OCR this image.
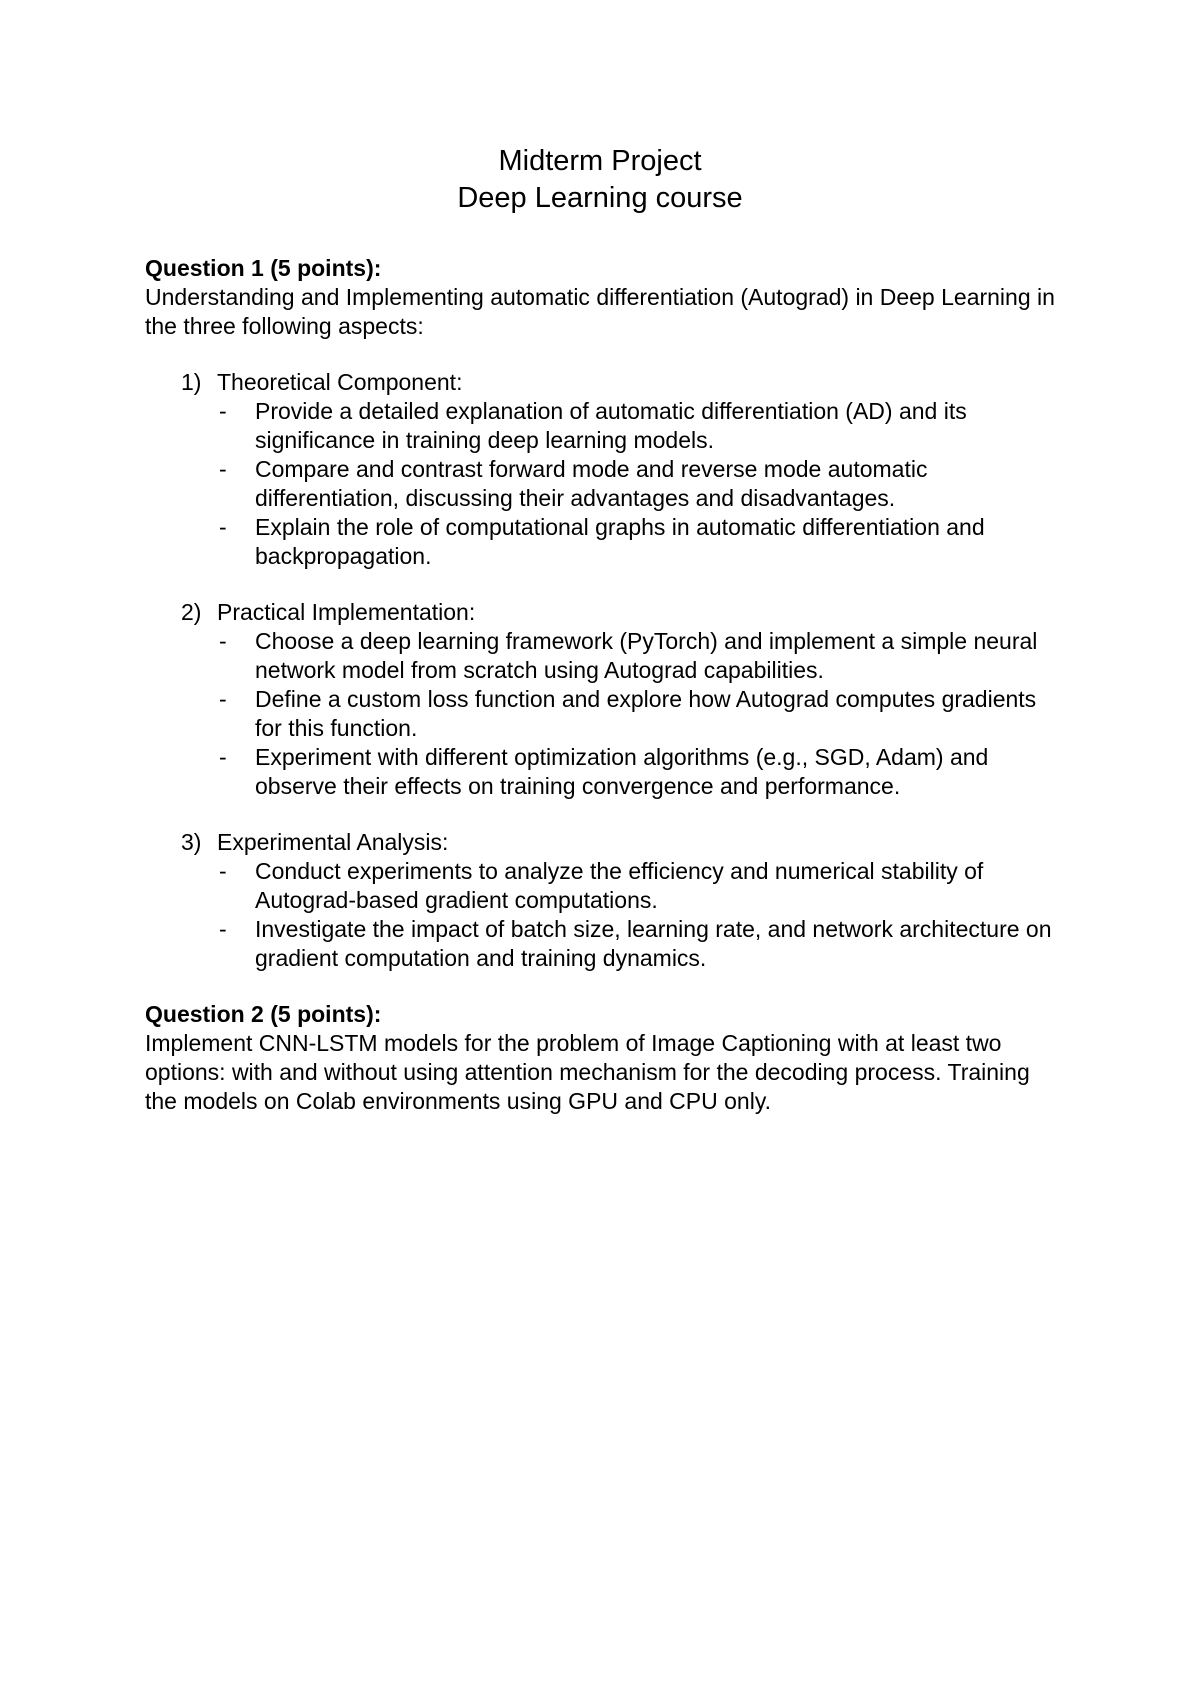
Midterm Project
Deep Learning course

Question 1 (5 points):

Understanding and Implementing automatic differentiation (Autograd) in Deep Learning in the three following aspects:

1) Theoretical Component:
- Provide a detailed explanation of automatic differentiation (AD) and its significance in training deep learning models.
- Compare and contrast forward mode and reverse mode automatic differentiation, discussing their advantages and disadvantages.
- Explain the role of computational graphs in automatic differentiation and backpropagation.
2) Practical Implementation:
- Choose a deep learning framework (PyTorch) and implement a simple neural network model from scratch using Autograd capabilities.
- Define a custom loss function and explore how Autograd computes gradients for this function.
- Experiment with different optimization algorithms (e.g., SGD, Adam) and observe their effects on training convergence and performance.
3) Experimental Analysis:
- Conduct experiments to analyze the efficiency and numerical stability of Autograd-based gradient computations.
- Investigate the impact of batch size, learning rate, and network architecture on gradient computation and training dynamics.

Question 2 (5 points):

Implement CNN-LSTM models for the problem of Image Captioning with at least two options: with and without using attention mechanism for the decoding process. Training the models on Colab environments using GPU and CPU only.
